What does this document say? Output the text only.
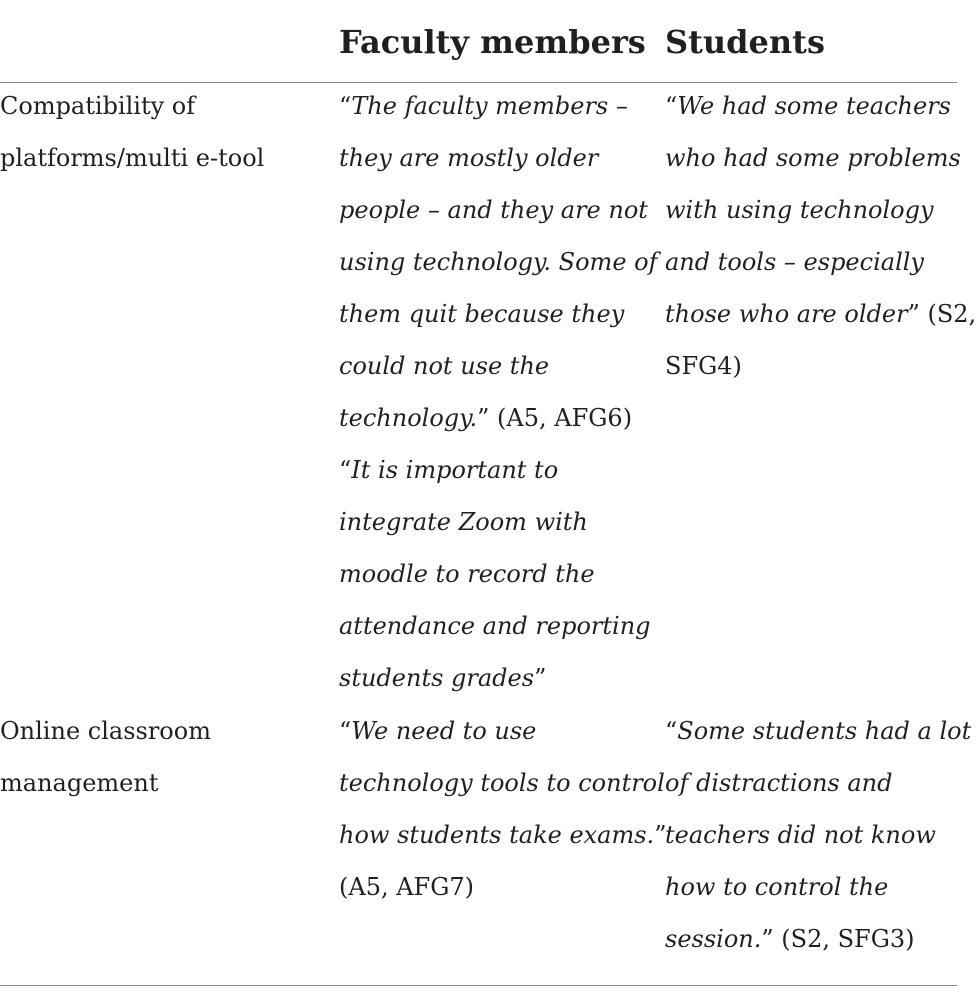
Faculty members Students
Compatibility of
platforms/multi e-tool
“The faculty members –
they are mostly older
people – and they are not
using technology. Some of
them quit because they
could not use the
technology.” (A5, AFG6)
“It is important to
integrate Zoom with
moodle to record the
attendance and reporting
students grades”
“We had some teachers
who had some problems
with using technology
and tools – especially
those who are older” (S2,
SFG4)
Online classroom
management
“We need to use
technology tools to control
how students take exams.”
(A5, AFG7)
“Some students had a lot
of distractions and
teachers did not know
how to control the
session.” (S2, SFG3)
